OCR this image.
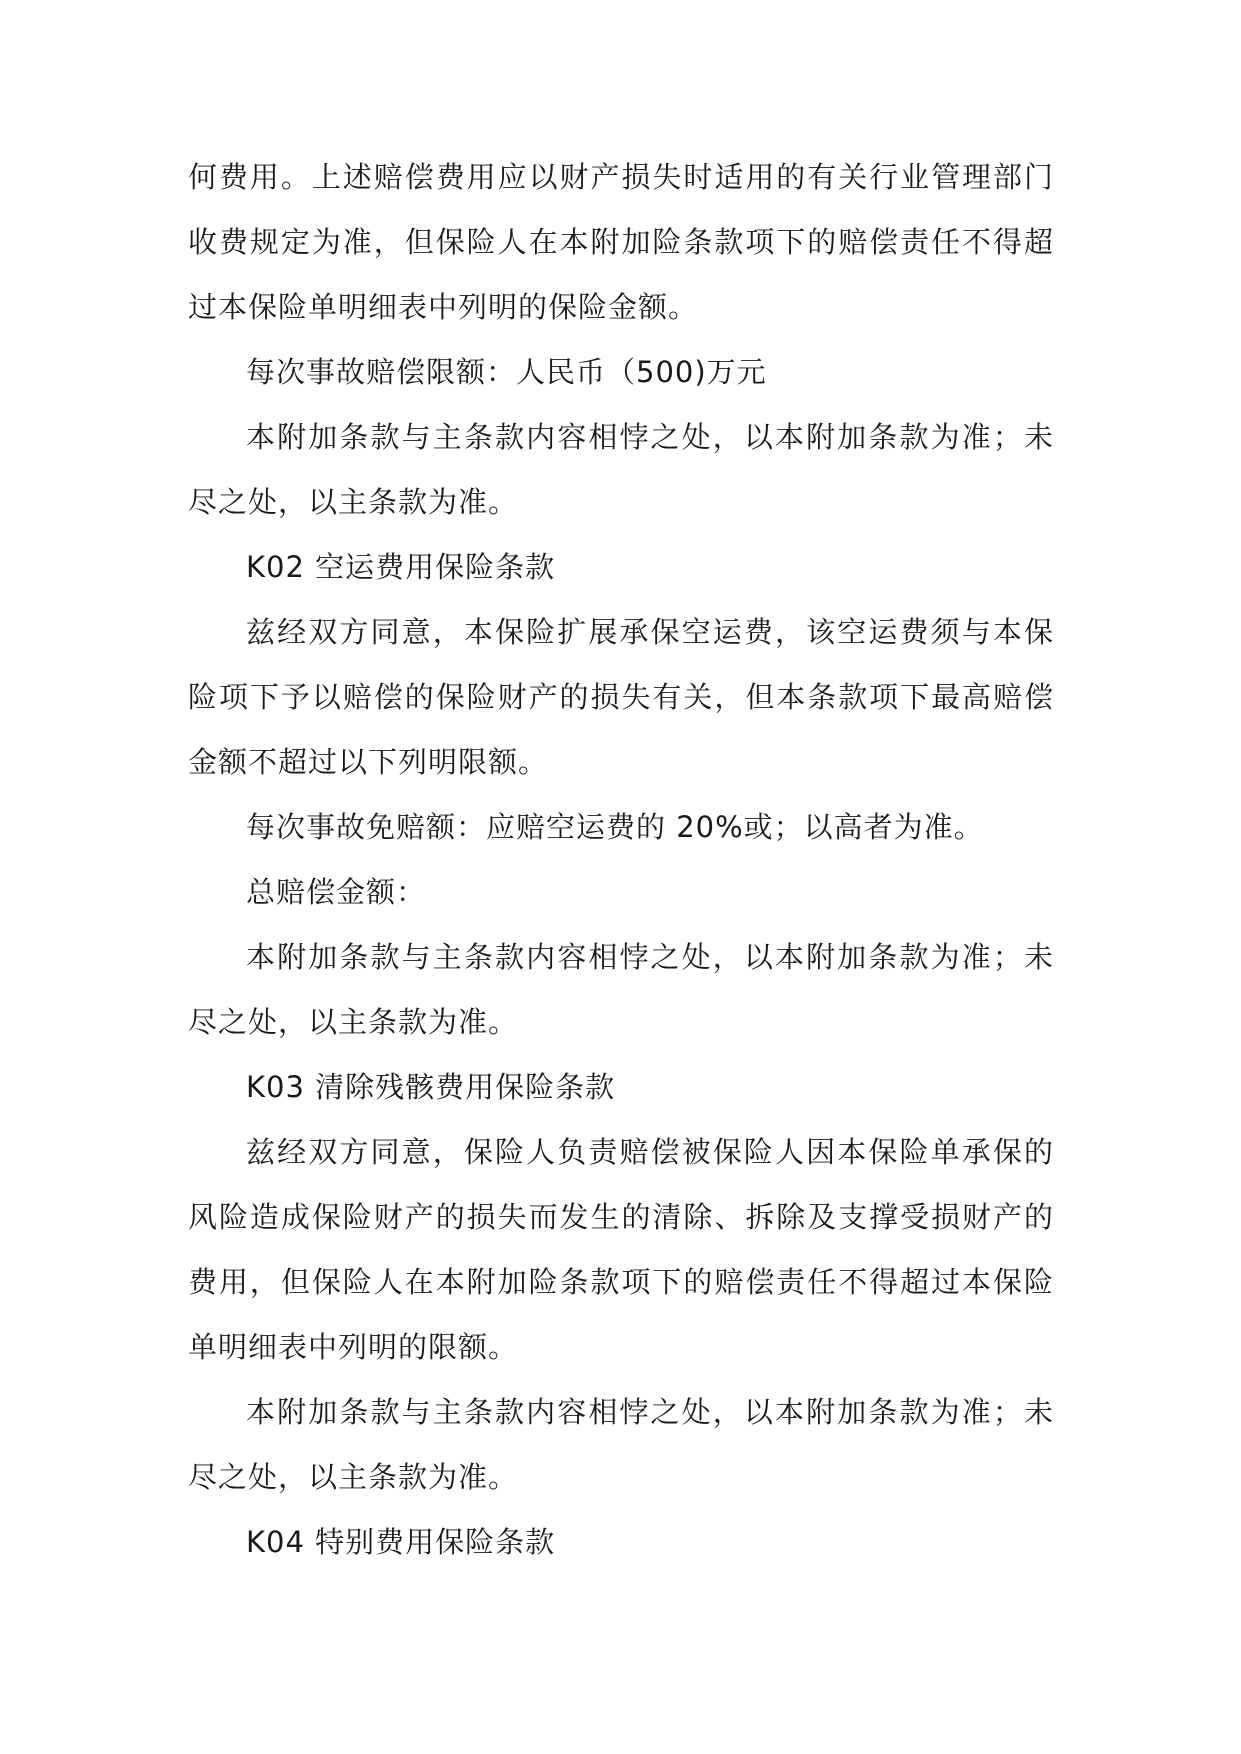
何费用。上述赔偿费用应以财产损失时适用的有关行业管理部门收费规定为准，但保险人在本附加险条款项下的赔偿责任不得超过本保险单明细表中列明的保险金额。

每次事故赔偿限额：人民币（500)万元

本附加条款与主条款内容相悖之处，以本附加条款为准；未尽之处，以主条款为准。

K02 空运费用保险条款

兹经双方同意，本保险扩展承保空运费，该空运费须与本保险项下予以赔偿的保险财产的损失有关，但本条款项下最高赔偿金额不超过以下列明限额。

每次事故免赔额：应赔空运费的 20%或；以高者为准。

总赔偿金额：

本附加条款与主条款内容相悖之处，以本附加条款为准；未尽之处，以主条款为准。

K03 清除残骸费用保险条款

兹经双方同意，保险人负责赔偿被保险人因本保险单承保的风险造成保险财产的损失而发生的清除、拆除及支撑受损财产的费用，但保险人在本附加险条款项下的赔偿责任不得超过本保险单明细表中列明的限额。

本附加条款与主条款内容相悖之处，以本附加条款为准；未尽之处，以主条款为准。

K04 特别费用保险条款
